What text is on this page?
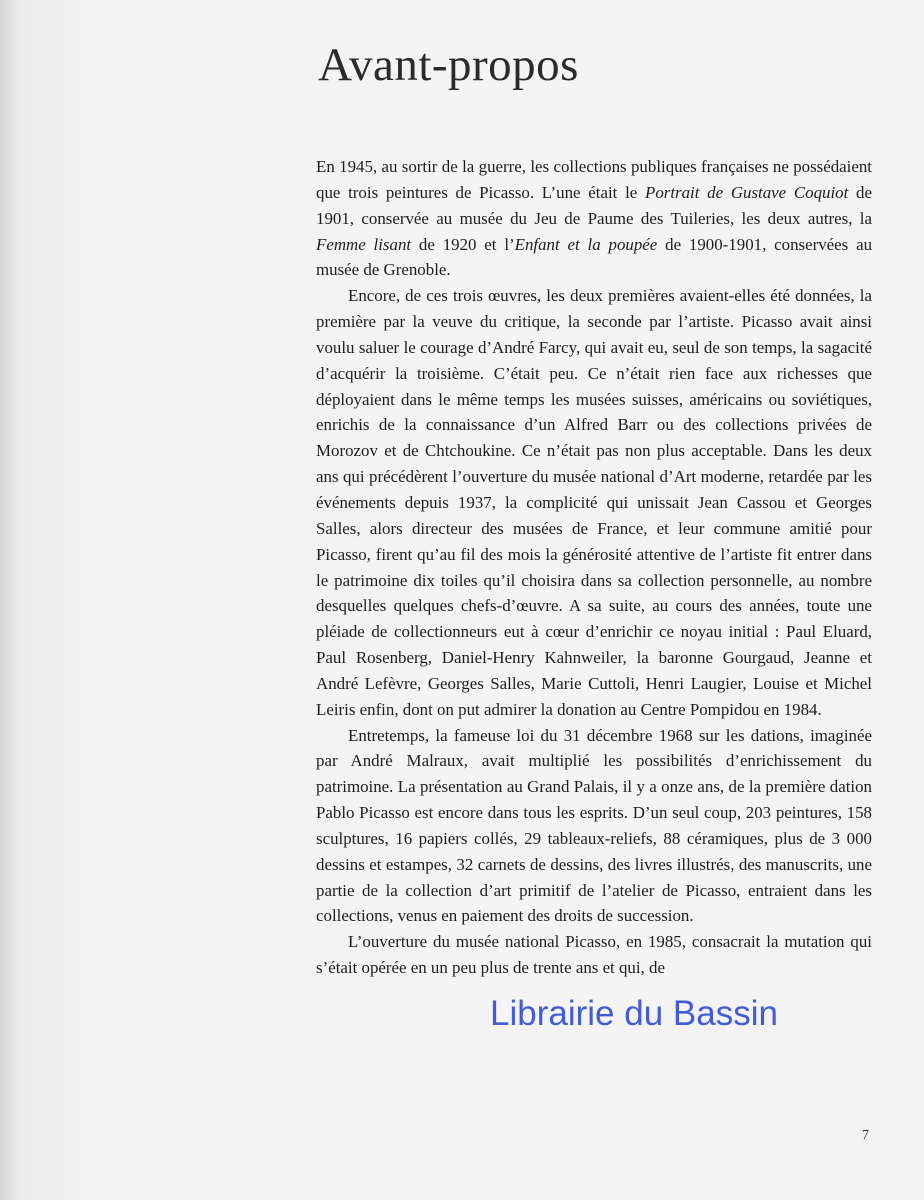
Avant-propos

En 1945, au sortir de la guerre, les collections publiques françaises ne possédaient que trois peintures de Picasso. L’une était le Portrait de Gustave Coquiot de 1901, conservée au musée du Jeu de Paume des Tuileries, les deux autres, la Femme lisant de 1920 et l’Enfant et la poupée de 1900-1901, conservées au musée de Grenoble.

Encore, de ces trois œuvres, les deux premières avaient-elles été données, la première par la veuve du critique, la seconde par l’artiste. Picasso avait ainsi voulu saluer le courage d’André Farcy, qui avait eu, seul de son temps, la sagacité d’acquérir la troisième. C’était peu. Ce n’était rien face aux richesses que déployaient dans le même temps les musées suisses, américains ou soviétiques, enrichis de la connaissance d’un Alfred Barr ou des collections privées de Morozov et de Chtchoukine. Ce n’était pas non plus acceptable. Dans les deux ans qui précédèrent l’ouverture du musée national d’Art moderne, retardée par les événements depuis 1937, la complicité qui unissait Jean Cassou et Georges Salles, alors directeur des musées de France, et leur commune amitié pour Picasso, firent qu’au fil des mois la générosité attentive de l’artiste fit entrer dans le patrimoine dix toiles qu’il choisira dans sa collection personnelle, au nombre desquelles quelques chefs-d’œuvre. A sa suite, au cours des années, toute une pléiade de collectionneurs eut à cœur d’enrichir ce noyau initial : Paul Eluard, Paul Rosenberg, Daniel-Henry Kahnweiler, la baronne Gourgaud, Jeanne et André Lefèvre, Georges Salles, Marie Cuttoli, Henri Laugier, Louise et Michel Leiris enfin, dont on put admirer la donation au Centre Pompidou en 1984.

Entretemps, la fameuse loi du 31 décembre 1968 sur les dations, imaginée par André Malraux, avait multiplié les possibilités d’enrichissement du patrimoine. La présentation au Grand Palais, il y a onze ans, de la première dation Pablo Picasso est encore dans tous les esprits. D’un seul coup, 203 peintures, 158 sculptures, 16 papiers collés, 29 tableaux-reliefs, 88 céramiques, plus de 3 000 dessins et estampes, 32 carnets de dessins, des livres illustrés, des manuscrits, une partie de la collection d’art primitif de l’atelier de Picasso, entraient dans les collections, venus en paiement des droits de succession.

L’ouverture du musée national Picasso, en 1985, consacrait la mutation qui s’était opérée en un peu plus de trente ans et qui, de

Librairie du Bassin
7
